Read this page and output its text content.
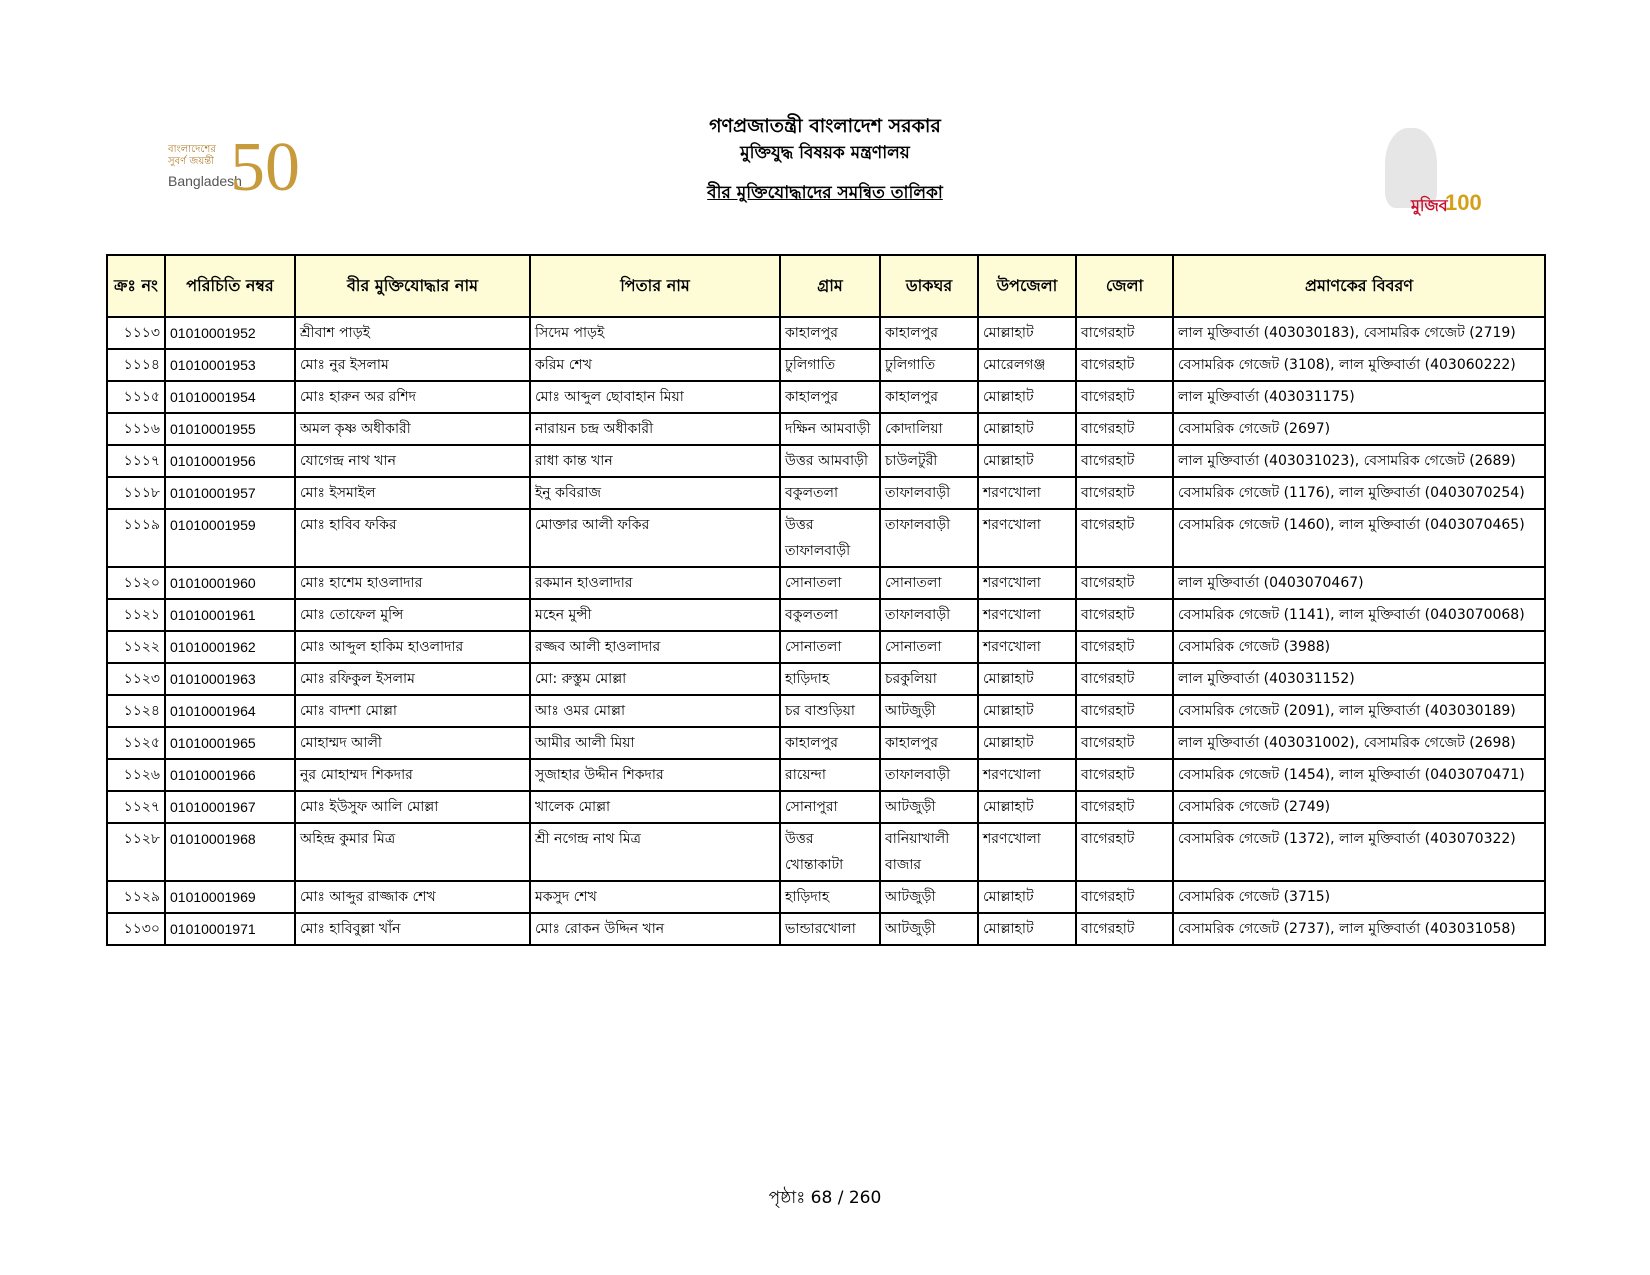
গণপ্রজাতন্ত্রী বাংলাদেশ সরকার
মুক্তিযুদ্ধ বিষয়ক মন্ত্রণালয়
বীর মুক্তিযোদ্ধাদের সমন্বিত তালিকা
বাংলাদেশের সুবর্ণ জয়ন্তী
Bangladesh
50	মুজিব
100
ক্রঃ নং	পরিচিতি নম্বর	বীর মুক্তিযোদ্ধার নাম	পিতার নাম	গ্রাম	ডাকঘর	উপজেলা	জেলা	প্রমাণকের বিবরণ
১১১৩	01010001952	শ্রীবাশ পাড়ই	সিদেম পাড়ই	কাহালপুর	কাহালপুর	মোল্লাহাট	বাগেরহাট	লাল মুক্তিবার্তা (403030183), বেসামরিক গেজেট (2719)
১১১৪	01010001953	মোঃ নুর ইসলাম	করিম শেখ	ঢুলিগাতি	ঢুলিগাতি	মোরেলগঞ্জ	বাগেরহাট	বেসামরিক গেজেট (3108), লাল মুক্তিবার্তা (403060222)
১১১৫	01010001954	মোঃ হারুন অর রশিদ	মোঃ আব্দুল ছোবাহান মিয়া	কাহালপুর	কাহালপুর	মোল্লাহাট	বাগেরহাট	লাল মুক্তিবার্তা (403031175)
১১১৬	01010001955	অমল কৃষ্ণ অধীকারী	নারায়ন চন্দ্র অধীকারী	দক্ষিন আমবাড়ী	কোদালিয়া	মোল্লাহাট	বাগেরহাট	বেসামরিক গেজেট (2697)
১১১৭	01010001956	যোগেন্দ্র নাথ খান	রাধা কান্ত খান	উত্তর আমবাড়ী	চাউলটুরী	মোল্লাহাট	বাগেরহাট	লাল মুক্তিবার্তা (403031023), বেসামরিক গেজেট (2689)
১১১৮	01010001957	মোঃ ইসমাইল	ইনু কবিরাজ	বকুলতলা	তাফালবাড়ী	শরণখোলা	বাগেরহাট	বেসামরিক গেজেট (1176), লাল মুক্তিবার্তা (0403070254)
১১১৯	01010001959	মোঃ হাবিব ফকির	মোক্তার আলী ফকির	উত্তর তাফালবাড়ী	তাফালবাড়ী	শরণখোলা	বাগেরহাট	বেসামরিক গেজেট (1460), লাল মুক্তিবার্তা (0403070465)
১১২০	01010001960	মোঃ হাশেম হাওলাদার	রকমান হাওলাদার	সোনাতলা	সোনাতলা	শরণখোলা	বাগেরহাট	লাল মুক্তিবার্তা (0403070467)
১১২১	01010001961	মোঃ তোফেল মুন্সি	মহেন মুন্সী	বকুলতলা	তাফালবাড়ী	শরণখোলা	বাগেরহাট	বেসামরিক গেজেট (1141), লাল মুক্তিবার্তা (0403070068)
১১২২	01010001962	মোঃ আব্দুল হাকিম হাওলাদার	রজ্জব আলী হাওলাদার	সোনাতলা	সোনাতলা	শরণখোলা	বাগেরহাট	বেসামরিক গেজেট (3988)
১১২৩	01010001963	মোঃ রফিকুল ইসলাম	মো: রুস্তুম মোল্লা	হাড়িদাহ	চরকুলিয়া	মোল্লাহাট	বাগেরহাট	লাল মুক্তিবার্তা (403031152)
১১২৪	01010001964	মোঃ বাদশা মোল্লা	আঃ ওমর মোল্লা	চর বাশুড়িয়া	আটজুড়ী	মোল্লাহাট	বাগেরহাট	বেসামরিক গেজেট (2091), লাল মুক্তিবার্তা (403030189)
১১২৫	01010001965	মোহাম্মদ আলী	আমীর আলী মিয়া	কাহালপুর	কাহালপুর	মোল্লাহাট	বাগেরহাট	লাল মুক্তিবার্তা (403031002), বেসামরিক গেজেট (2698)
১১২৬	01010001966	নুর মোহাম্মদ শিকদার	সুজাহার উদ্দীন শিকদার	রায়েন্দা	তাফালবাড়ী	শরণখোলা	বাগেরহাট	বেসামরিক গেজেট (1454), লাল মুক্তিবার্তা (0403070471)
১১২৭	01010001967	মোঃ ইউসুফ আলি মোল্লা	খালেক মোল্লা	সোনাপুরা	আটজুড়ী	মোল্লাহাট	বাগেরহাট	বেসামরিক গেজেট (2749)
১১২৮	01010001968	অহিন্দ্র কুমার মিত্র	শ্রী নগেন্দ্র নাথ মিত্র	উত্তর খোন্তাকাটা	বানিয়াখালী বাজার	শরণখোলা	বাগেরহাট	বেসামরিক গেজেট (1372), লাল মুক্তিবার্তা (403070322)
১১২৯	01010001969	মোঃ আব্দুর রাজ্জাক শেখ	মকসুদ শেখ	হাড়িদাহ	আটজুড়ী	মোল্লাহাট	বাগেরহাট	বেসামরিক গেজেট (3715)
১১৩০	01010001971	মোঃ হাবিবুল্লা খাঁন	মোঃ রোকন উদ্দিন খান	ভান্ডারখোলা	আটজুড়ী	মোল্লাহাট	বাগেরহাট	বেসামরিক গেজেট (2737), লাল মুক্তিবার্তা (403031058)
পৃষ্ঠাঃ 68 / 260
